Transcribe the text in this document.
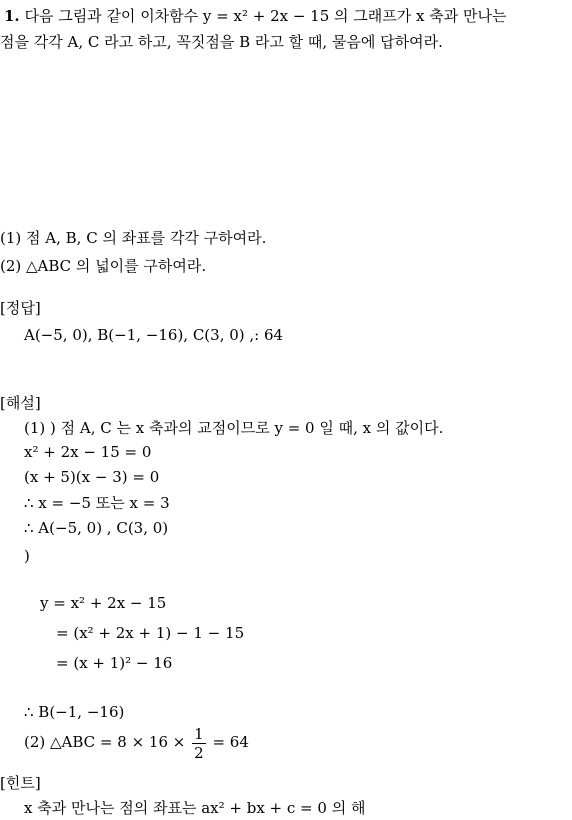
1. 다음 그림과 같이 이차함수 y = x² + 2x − 15 의 그래프가 x 축과 만나는
점을 각각 A, C 라고 하고, 꼭짓점을 B 라고 할 때, 물음에 답하여라.
(1) 점 A, B, C 의 좌표를 각각 구하여라.
(2) △ABC 의 넓이를 구하여라.
[정답]
A(−5, 0), B(−1, −16), C(3, 0) ,: 64
[해설]
(1) ) 점 A, C 는 x 축과의 교점이므로 y = 0 일 때, x 의 값이다.
x² + 2x − 15 = 0
(x + 5)(x − 3) = 0
∴ x = −5 또는 x = 3
∴ A(−5, 0) , C(3, 0)
)
y = x² + 2x − 15
= (x² + 2x + 1) − 1 − 15
= (x + 1)² − 16
∴ B(−1, −16)
(2) △ABC = $8 \times 16 \times \frac{1}{2} = 64$
[힌트]
x 축과 만나는 점의 좌표는 ax² + bx + c = 0 의 해
